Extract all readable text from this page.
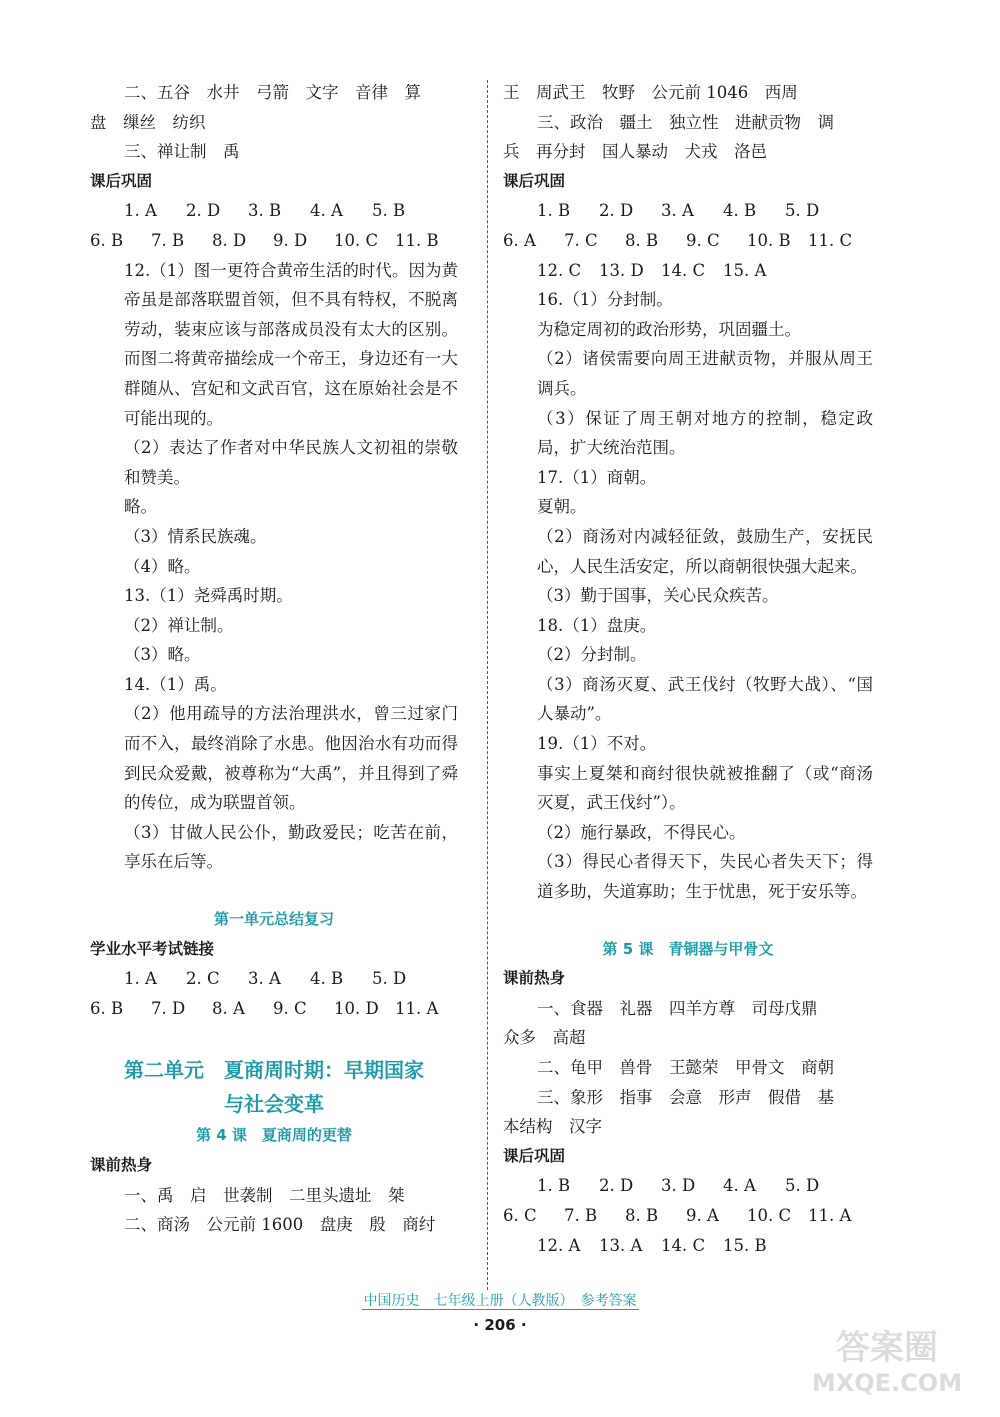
二、五谷　水井　弓箭　文字　音律　算
盘　缫丝　纺织
三、禅让制　禹
课后巩固
1. A	2. D	3. B	4. A	5. B
6. B	7. B	8. D	9. D	10. C	11. B
12.（1）图一更符合黄帝生活的时代。因为黄帝虽是部落联盟首领，但不具有特权，不脱离劳动，装束应该与部落成员没有太大的区别。而图二将黄帝描绘成一个帝王，身边还有一大群随从、宫妃和文武百官，这在原始社会是不可能出现的。
（2）表达了作者对中华民族人文初祖的崇敬和赞美。
略。
（3）情系民族魂。
（4）略。
13.（1）尧舜禹时期。
（2）禅让制。
（3）略。
14.（1）禹。
（2）他用疏导的方法治理洪水，曾三过家门而不入，最终消除了水患。他因治水有功而得到民众爱戴，被尊称为“大禹”，并且得到了舜的传位，成为联盟首领。
（3）甘做人民公仆，勤政爱民；吃苦在前，享乐在后等。
第一单元总结复习
学业水平考试链接
1. A	2. C	3. A	4. B	5. D
6. B	7. D	8. A	9. C	10. D 11. A
第二单元　夏商周时期：早期国家
与社会变革
第 4 课　夏商周的更替
课前热身
一、禹　启　世袭制　二里头遗址　桀
二、商汤　公元前 1600　盘庚　殷　商纣
王　周武王　牧野　公元前 1046　西周
三、政治　疆土　独立性　进献贡物　调
兵　再分封　国人暴动　犬戎　洛邑
课后巩固
1. B	2. D	3. A	4. B	5. D
6. A	7. C	8. B	9. C	10. B	11. C
12. C	13. D	14. C	15. A
16.（1）分封制。
为稳定周初的政治形势，巩固疆土。
（2）诸侯需要向周王进献贡物，并服从周王调兵。
（3）保证了周王朝对地方的控制，稳定政局，扩大统治范围。
17.（1）商朝。
夏朝。
（2）商汤对内减轻征敛，鼓励生产，安抚民心，人民生活安定，所以商朝很快强大起来。
（3）勤于国事，关心民众疾苦。
18.（1）盘庚。
（2）分封制。
（3）商汤灭夏、武王伐纣（牧野大战）、“国人暴动”。
19.（1）不对。
事实上夏桀和商纣很快就被推翻了（或“商汤灭夏，武王伐纣”）。
（2）施行暴政，不得民心。
（3）得民心者得天下，失民心者失天下；得道多助，失道寡助；生于忧患，死于安乐等。
第 5 课　青铜器与甲骨文
课前热身
一、食器　礼器　四羊方尊　司母戊鼎
众多　高超
二、龟甲　兽骨　王懿荣　甲骨文　商朝
三、象形　指事　会意　形声　假借　基
本结构　汉字
课后巩固
1. B	2. D	3. D	4. A	5. D
6. C	7. B	8. B	9. A	10. C	11. A
12. A	13. A	14. C	15. B
中国历史　七年级上册（人教版）　参考答案
· 206 ·
答案圈
MXQE.COM
